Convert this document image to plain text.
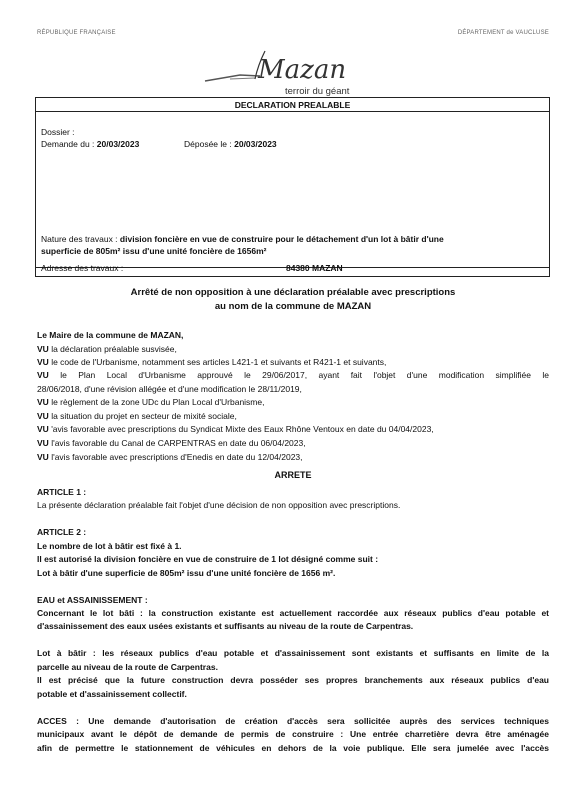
RÉPUBLIQUE FRANÇAISE	DÉPARTEMENT de VAUCLUSE
Mazan
terroir du géant
DECLARATION PREALABLE
Dossier :
Demande du : 20/03/2023	Déposée le : 20/03/2023
Nature des travaux : division foncière en vue de construire pour le détachement d'un lot à bâtir d'une
superficie de 805m² issu d'une unité foncière de 1656m²
Adresse des travaux :	84380 MAZAN
Arrêté de non opposition à une déclaration préalable avec prescriptions
au nom de la commune de MAZAN
Le Maire de la commune de MAZAN,
VU la déclaration préalable susvisée,
VU le code de l'Urbanisme, notamment ses articles L421-1 et suivants et R421-1 et suivants,
VU le Plan Local d'Urbanisme approuvé le 29/06/2017, ayant fait l'objet d'une modification simplifiée le
28/06/2018, d'une révision allégée et d'une modification le 28/11/2019,
VU le règlement de la zone UDc du Plan Local d'Urbanisme,
VU la situation du projet en secteur de mixité sociale,
VU 'avis favorable avec prescriptions du Syndicat Mixte des Eaux Rhône Ventoux en date du 04/04/2023,
VU l'avis favorable du Canal de CARPENTRAS en date du 06/04/2023,
VU l'avis favorable avec prescriptions d'Enedis en date du 12/04/2023,
ARRETE
ARTICLE 1 :
La présente déclaration préalable fait l'objet d'une décision de non opposition avec prescriptions.
ARTICLE 2 :
Le nombre de lot à bâtir est fixé à 1.
Il est autorisé la division foncière en vue de construire de 1 lot désigné comme suit :
Lot à bâtir d'une superficie de 805m² issu d'une unité foncière de 1656 m².
EAU et ASSAINISSEMENT :
Concernant le lot bâti : la construction existante est actuellement raccordée aux réseaux publics d'eau potable et
d'assainissement des eaux usées existants et suffisants au niveau de la route de Carpentras.
Lot à bâtir : les réseaux publics d'eau potable et d'assainissement sont existants et suffisants en limite de la
parcelle au niveau de la route de Carpentras.
Il est précisé que la future construction devra posséder ses propres branchements aux réseaux publics d'eau
potable et d'assainissement collectif.
ACCES : Une demande d'autorisation de création d'accès sera sollicitée auprès des services techniques
municipaux avant le dépôt de demande de permis de construire : Une entrée charretière devra être aménagée
afin de permettre le stationnement de véhicules en dehors de la voie publique. Elle sera jumelée avec l'accès
